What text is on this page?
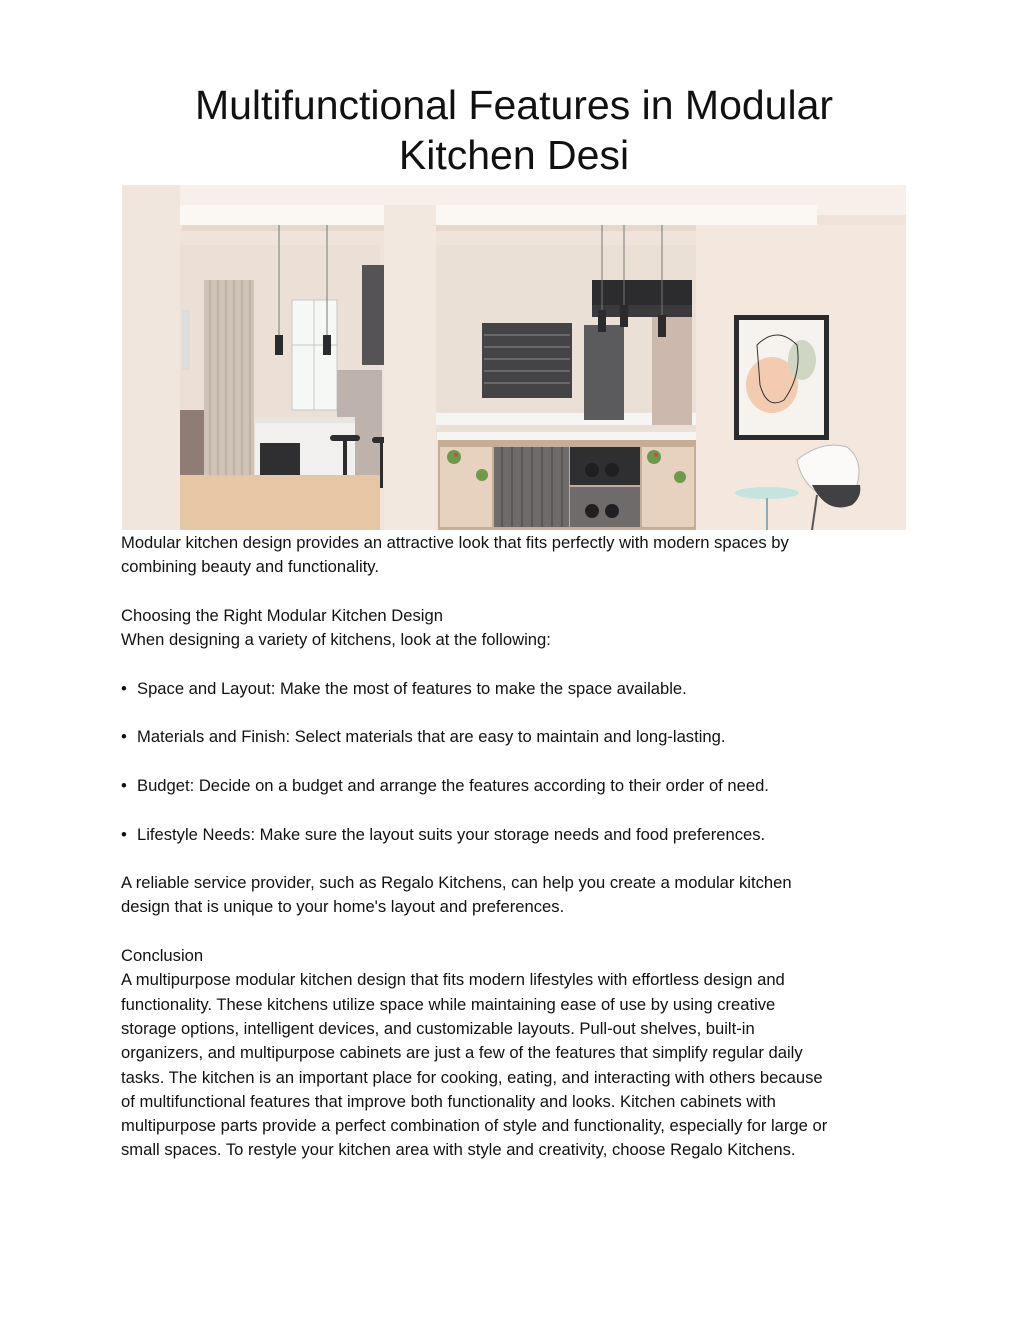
Multifunctional Features in Modular
Kitchen Desi

Modular kitchen design provides an attractive look that fits perfectly with modern spaces by

combining beauty and functionality.

Choosing the Right Modular Kitchen Design

When designing a variety of kitchens, look at the following:

• Space and Layout: Make the most of features to make the space available.
• Materials and Finish: Select materials that are easy to maintain and long-lasting.
• Budget: Decide on a budget and arrange the features according to their order of need.
• Lifestyle Needs: Make sure the layout suits your storage needs and food preferences.

A reliable service provider, such as Regalo Kitchens, can help you create a modular kitchen

design that is unique to your home's layout and preferences.

Conclusion

A multipurpose modular kitchen design that fits modern lifestyles with effortless design and

functionality. These kitchens utilize space while maintaining ease of use by using creative

storage options, intelligent devices, and customizable layouts. Pull-out shelves, built-in

organizers, and multipurpose cabinets are just a few of the features that simplify regular daily

tasks. The kitchen is an important place for cooking, eating, and interacting with others because

of multifunctional features that improve both functionality and looks. Kitchen cabinets with

multipurpose parts provide a perfect combination of style and functionality, especially for large or

small spaces. To restyle your kitchen area with style and creativity, choose Regalo Kitchens.
